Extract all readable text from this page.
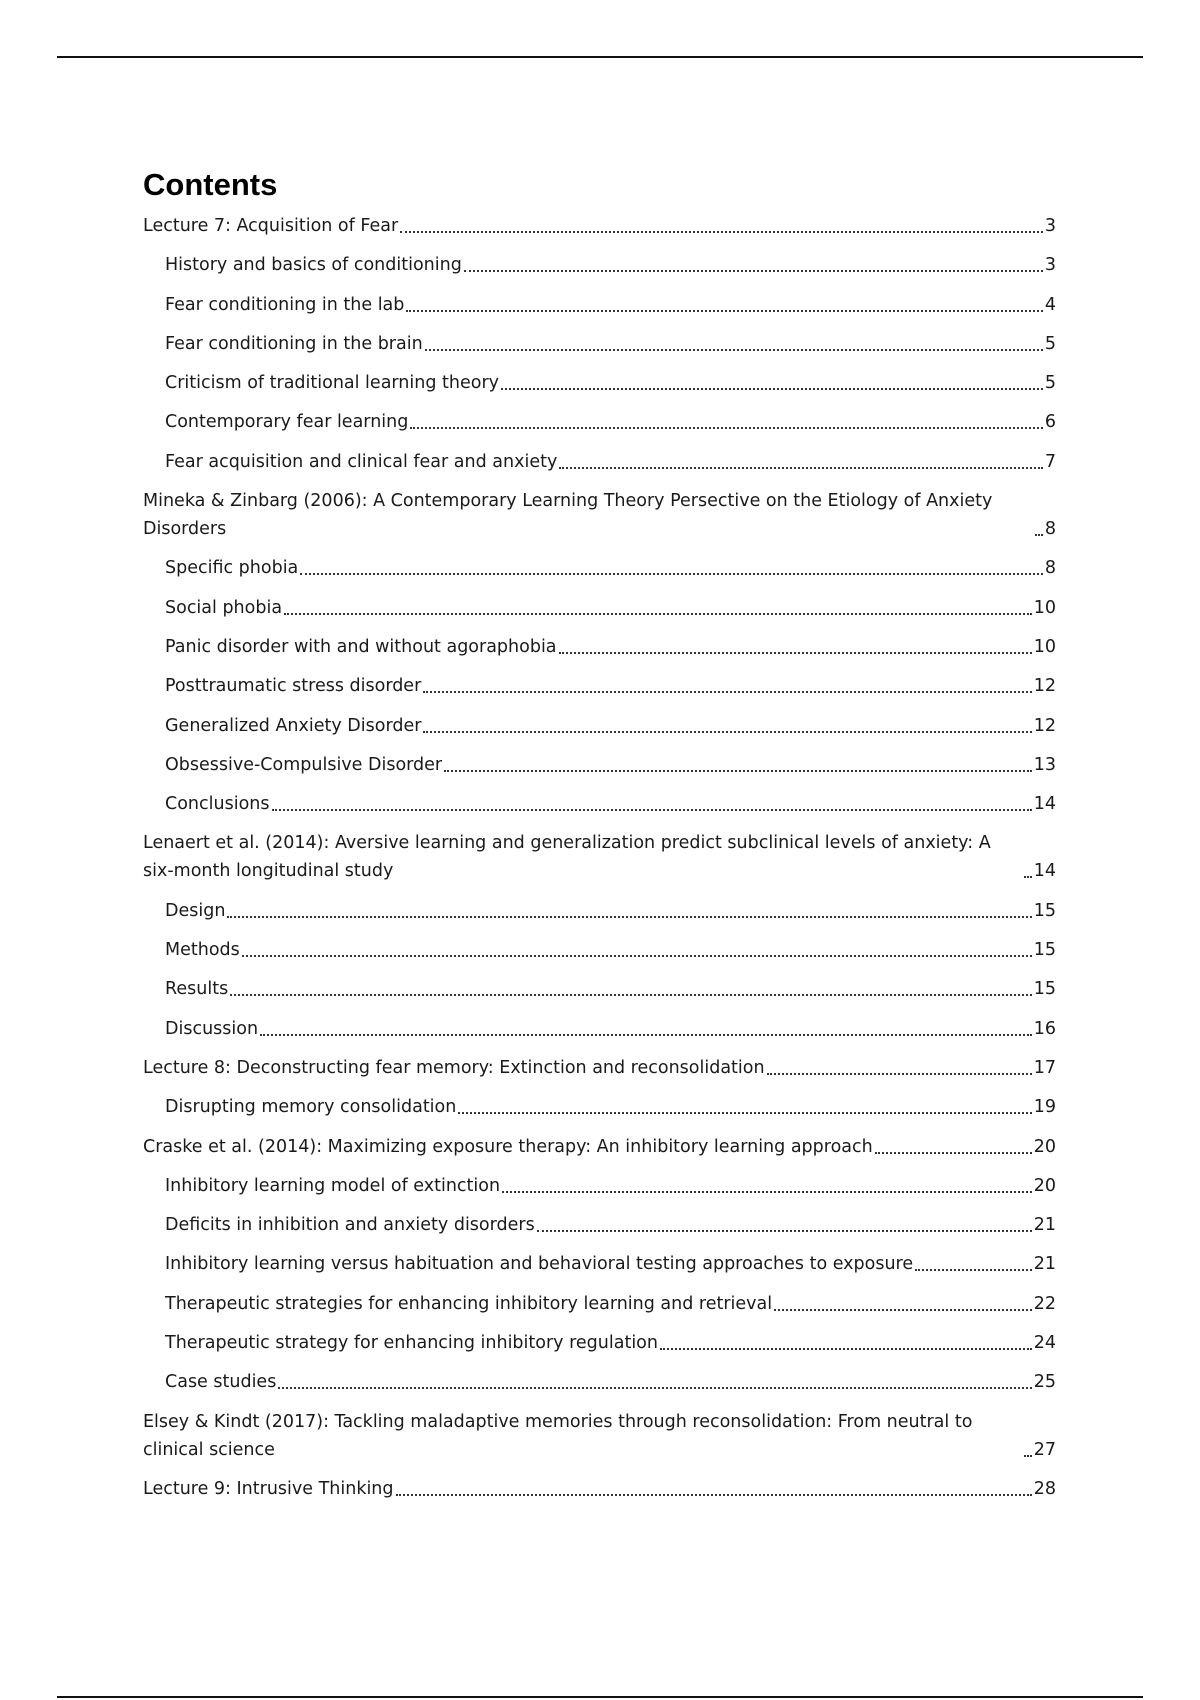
Contents
Lecture 7: Acquisition of Fear	3
History and basics of conditioning	3
Fear conditioning in the lab	4
Fear conditioning in the brain	5
Criticism of traditional learning theory	5
Contemporary fear learning	6
Fear acquisition and clinical fear and anxiety	7
Mineka & Zinbarg (2006): A Contemporary Learning Theory Persective on the Etiology of Anxiety Disorders	8
Specific phobia	8
Social phobia	10
Panic disorder with and without agoraphobia	10
Posttraumatic stress disorder	12
Generalized Anxiety Disorder	12
Obsessive-Compulsive Disorder	13
Conclusions	14
Lenaert et al. (2014): Aversive learning and generalization predict subclinical levels of anxiety: A six-month longitudinal study	14
Design	15
Methods	15
Results	15
Discussion	16
Lecture 8: Deconstructing fear memory: Extinction and reconsolidation	17
Disrupting memory consolidation	19
Craske et al. (2014): Maximizing exposure therapy: An inhibitory learning approach	20
Inhibitory learning model of extinction	20
Deficits in inhibition and anxiety disorders	21
Inhibitory learning versus habituation and behavioral testing approaches to exposure	21
Therapeutic strategies for enhancing inhibitory learning and retrieval	22
Therapeutic strategy for enhancing inhibitory regulation	24
Case studies	25
Elsey & Kindt (2017): Tackling maladaptive memories through reconsolidation: From neutral to clinical science	27
Lecture 9: Intrusive Thinking	28
